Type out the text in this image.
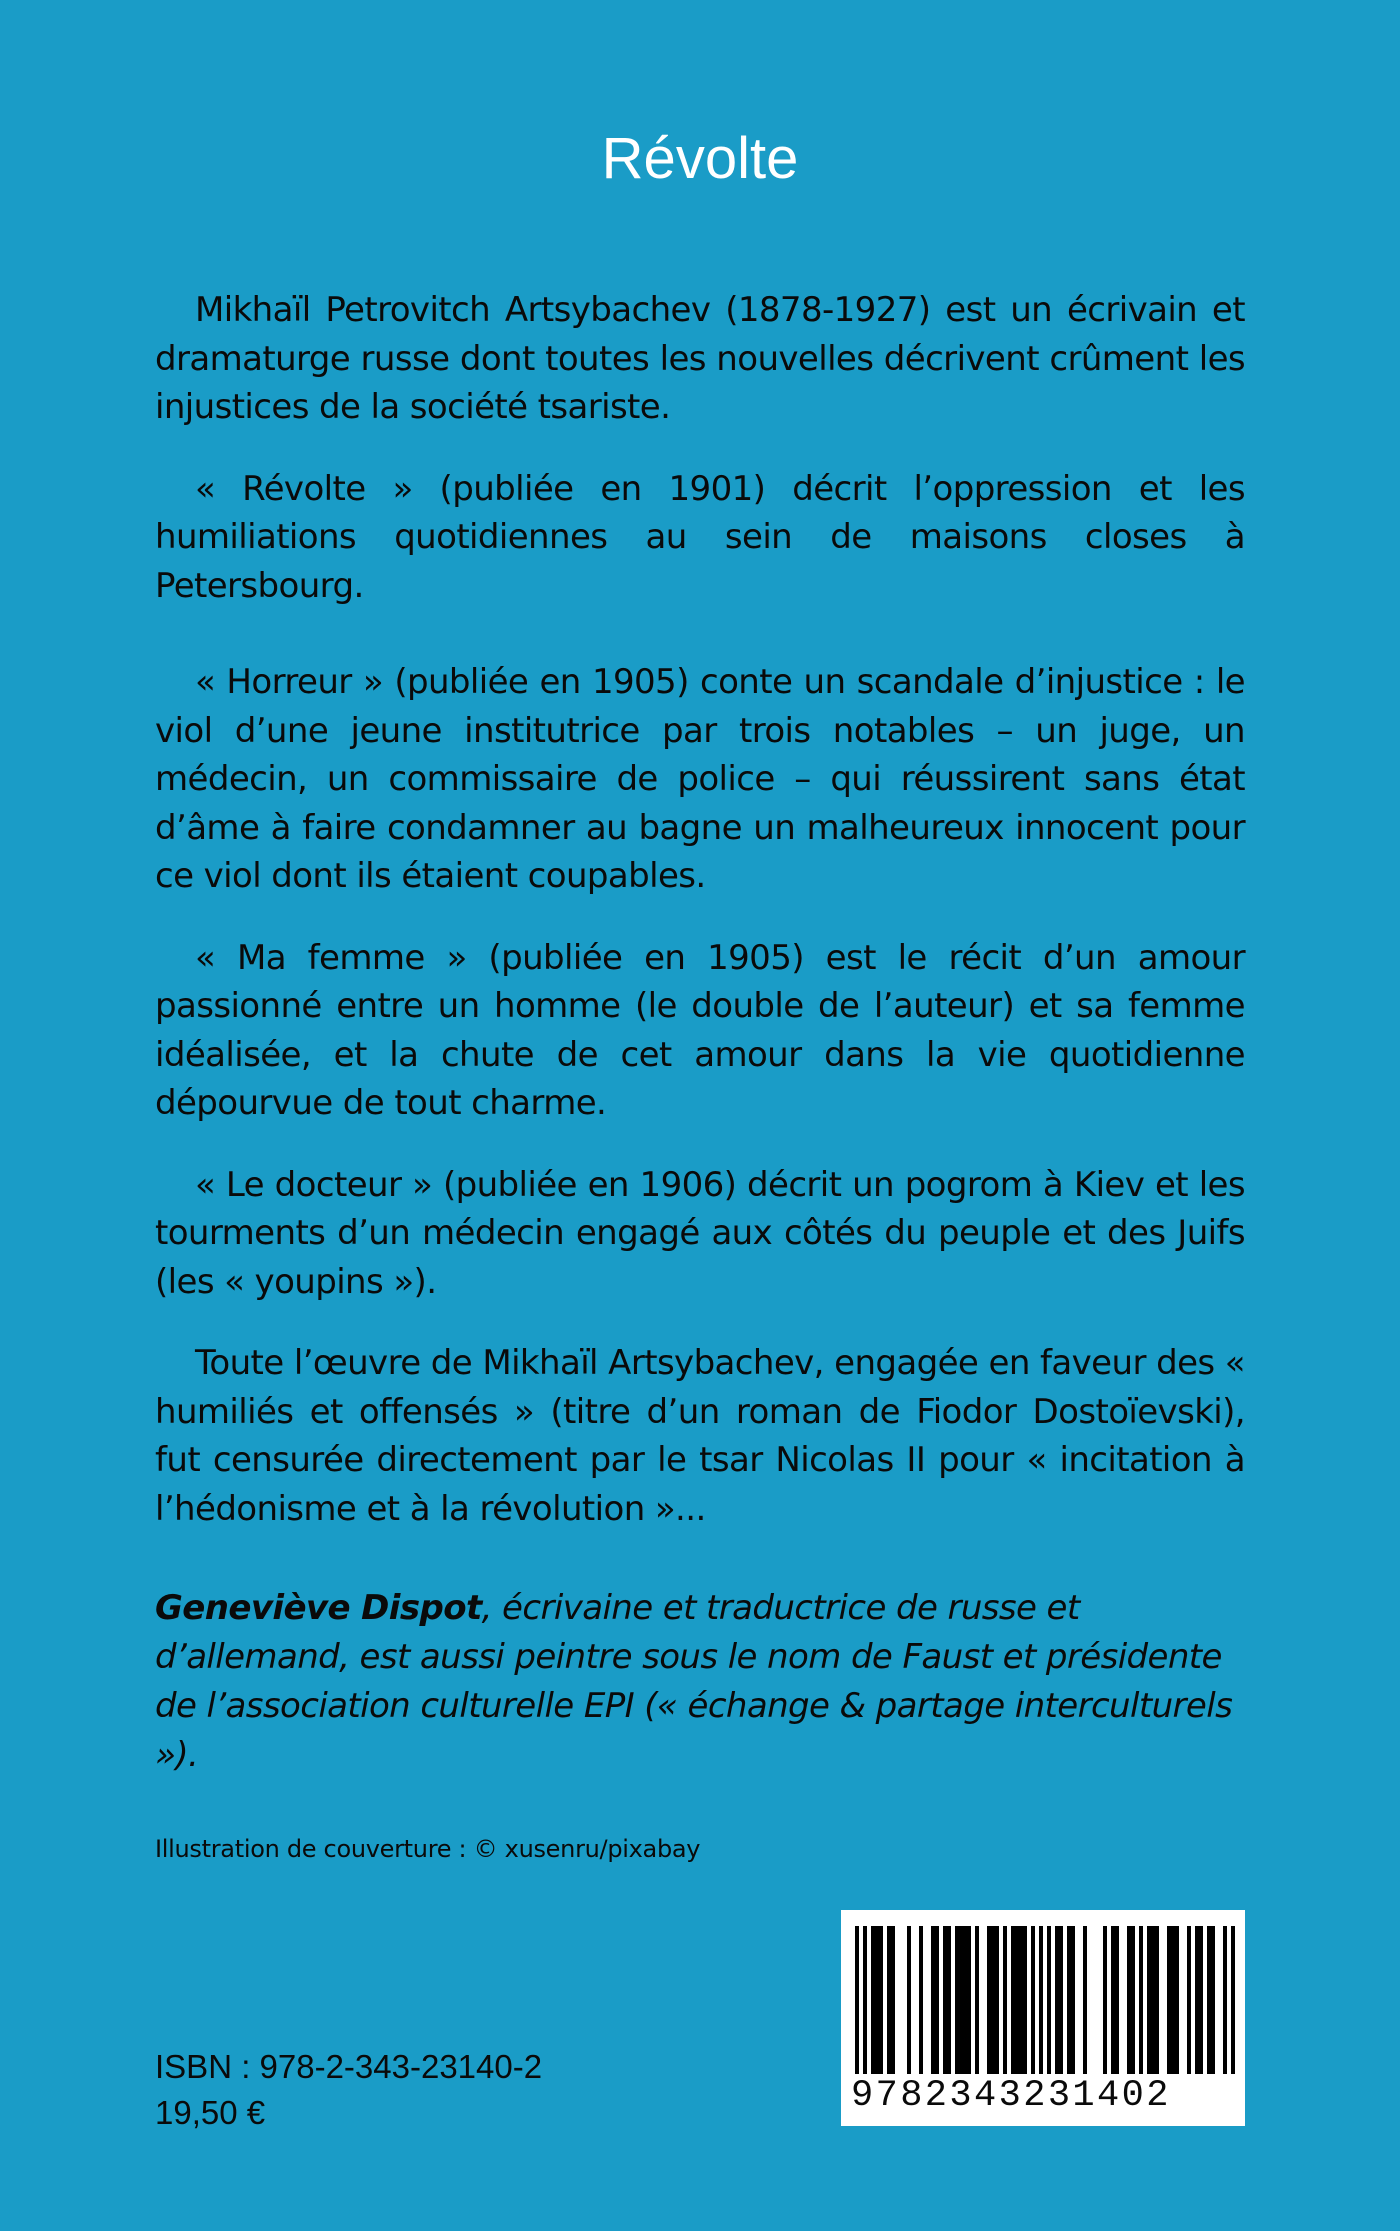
Révolte

Mikhaïl Petrovitch Artsybachev (1878-1927) est un écrivain et dramaturge russe dont toutes les nouvelles décrivent crûment les injustices de la société tsariste.

« Révolte » (publiée en 1901) décrit l’oppression et les humiliations quotidiennes au sein de maisons closes à Petersbourg.

« Horreur » (publiée en 1905) conte un scandale d’injustice : le viol d’une jeune institutrice par trois notables – un juge, un médecin, un commissaire de police – qui réussirent sans état d’âme à faire condamner au bagne un malheureux innocent pour ce viol dont ils étaient coupables.

« Ma femme » (publiée en 1905) est le récit d’un amour passionné entre un homme (le double de l’auteur) et sa femme idéalisée, et la chute de cet amour dans la vie quotidienne dépourvue de tout charme.

« Le docteur » (publiée en 1906) décrit un pogrom à Kiev et les tourments d’un médecin engagé aux côtés du peuple et des Juifs (les « youpins »).

Toute l’œuvre de Mikhaïl Artsybachev, engagée en faveur des « humiliés et offensés » (titre d’un roman de Fiodor Dostoïevski), fut censurée directement par le tsar Nicolas II pour « incitation à l’hédonisme et à la révolution »...

Geneviève Dispot, écrivaine et traductrice de russe et d’allemand, est aussi peintre sous le nom de Faust et présidente de l’association culturelle EPI (« échange & partage interculturels »).
Illustration de couverture : © xusenru/pixabay
ISBN : 978-2-343-23140-2
19,50 €	9782343231402
